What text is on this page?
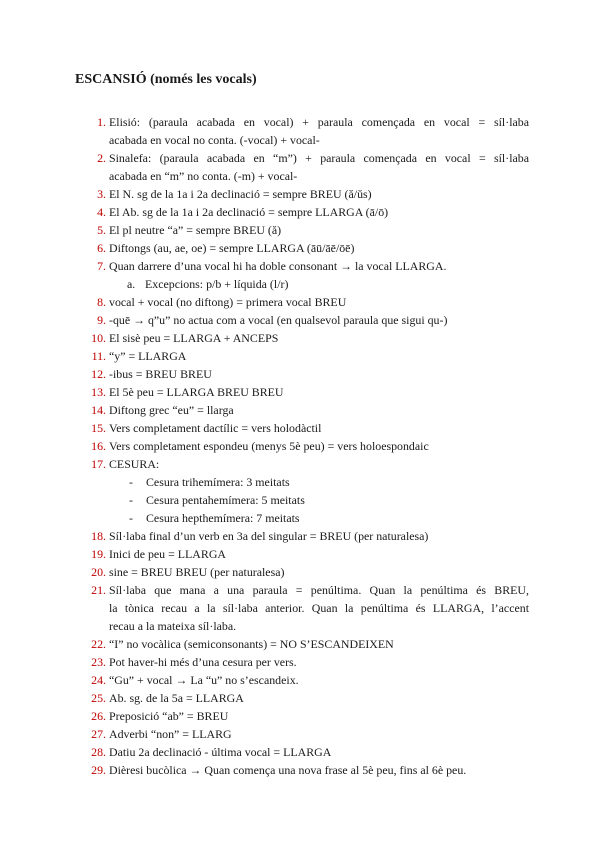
ESCANSIÓ (només les vocals)
1. Elisió: (paraula acabada en vocal) + paraula començada en vocal = síl·laba
acabada en vocal no conta. (-vocal) + vocal-
2. Sinalefa: (paraula acabada en “m”) + paraula començada en vocal = síl·laba
acabada en “m” no conta. (-m) + vocal-
3. El N. sg de la 1a i 2a declinació = sempre BREU (ă/ŭs)
4. El Ab. sg de la 1a i 2a declinació = sempre LLARGA (ā/ō)
5. El pl neutre “a” = sempre BREU (ă)
6. Diftongs (au, ae, oe) = sempre LLARGA (āū/āē/ōē)
7. Quan darrere d’una vocal hi ha doble consonant → la vocal LLARGA.
a. Excepcions: p/b + líquida (l/r)
8. vocal + vocal (no diftong) = primera vocal BREU
9. -quē → q”u” no actua com a vocal (en qualsevol paraula que sigui qu-)
10. El sisè peu = LLARGA + ANCEPS
11. “y” = LLARGA
12. -ibus = BREU BREU
13. El 5è peu = LLARGA BREU BREU
14. Diftong grec “eu” = llarga
15. Vers completament dactílic = vers holodàctil
16. Vers completament espondeu (menys 5è peu) = vers holoespondaic
17. CESURA:
- Cesura trihemímera: 3 meitats
- Cesura pentahemímera: 5 meitats
- Cesura hepthemímera: 7 meitats
18. Síl·laba final d’un verb en 3a del singular = BREU (per naturalesa)
19. Inici de peu = LLARGA
20. sine = BREU BREU (per naturalesa)
21. Síl·laba que mana a una paraula = penúltima. Quan la penúltima és BREU,
la tònica recau a la síl·laba anterior. Quan la penúltima és LLARGA, l’accent
recau a la mateixa síl·laba.
22. “I” no vocàlica (semiconsonants) = NO S’ESCANDEIXEN
23. Pot haver-hi més d’una cesura per vers.
24. “Gu” + vocal → La “u” no s’escandeix.
25. Ab. sg. de la 5a = LLARGA
26. Preposició “ab” = BREU
27. Adverbi “non” = LLARG
28. Datiu 2a declinació - última vocal = LLARGA
29. Dièresi bucòlica → Quan comença una nova frase al 5è peu, fins al 6è peu.
